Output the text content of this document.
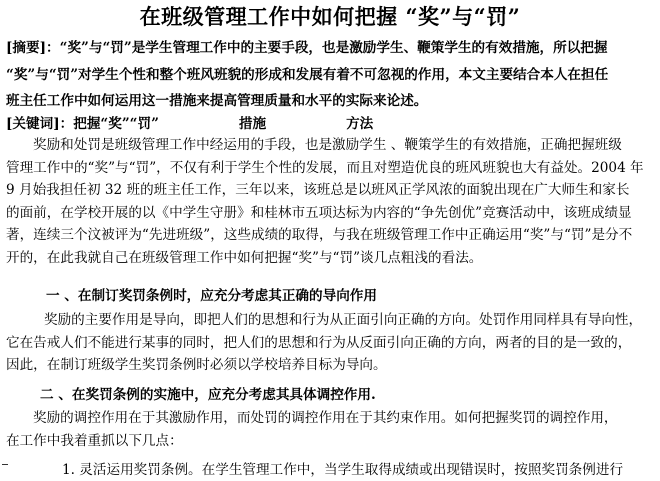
在班级管理工作中如何把握 “奖”与“罚”
[摘要]：“奖”与“罚”是学生管理工作中的主要手段，也是激励学生、鞭策学生的有效措施，所以把握
“奖”与“罚”对学生个性和整个班风班貌的形成和发展有着不可忽视的作用，本文主要结合本人在担任
班主任工作中如何运用这一措施来提高管理质量和水平的实际来论述。
[关键词]：把握“奖”“罚”	措施	方法
奖励和处罚是班级管理工作中经运用的手段，也是激励学生 、鞭策学生的有效措施，正确把握班级
管理工作中的“奖”与“罚”，不仅有利于学生个性的发展，而且对塑造优良的班风班貌也大有益处。2004 年
9 月始我担任初 32 班的班主任工作，三年以来，该班总是以班风正学风浓的面貌出现在广大师生和家长
的面前，在学校开展的以《中学生守册》和桂林市五项达标为内容的“争先创优”竞赛活动中，该班成绩显
著，连续三个汶被评为“先进班级”，这些成绩的取得，与我在班级管理工作中正确运用“奖”与“罚”是分不
开的，在此我就自己在班级管理工作中如何把握“奖”与“罚”谈几点粗浅的看法。
一 、在制订奖罚条例时，应充分考虑其正确的导向作用
奖励的主要作用是导向，即把人们的思想和行为从正面引向正确的方向。处罚作用同样具有导向性，
它在告戒人们不能进行某事的同时，把人们的思想和行为从反面引向正确的方向，两者的目的是一致的，
因此，在制订班级学生奖罚条例时必须以学校培养目标为导向。
二 、在奖罚条例的实施中，应充分考虑其具体调控作用.
奖励的调控作用在于其激励作用，而处罚的调控作用在于其约束作用。如何把握奖罚的调控作用，
在工作中我着重抓以下几点：
1. 灵活运用奖罚条例。在学生管理工作中，当学生取得成绩或出现错误时，按照奖罚条例进行
